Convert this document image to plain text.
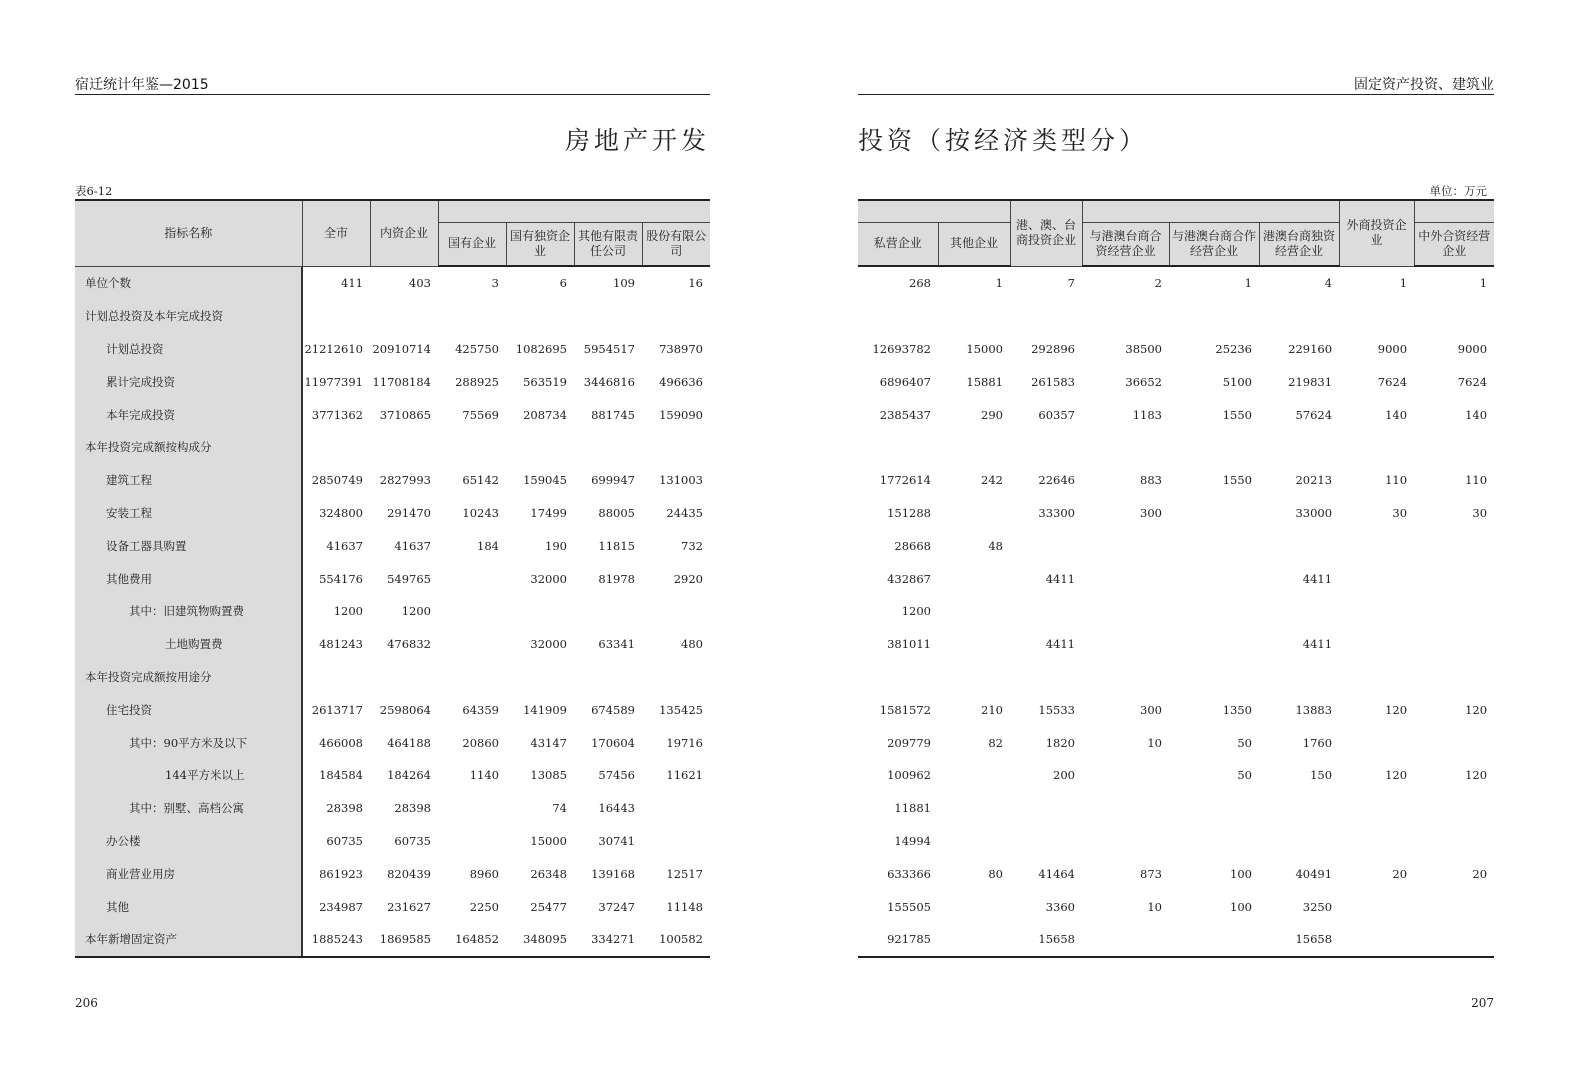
宿迁统计年鉴—2015
房地产开发
表6-12
指标名称	全市	内资企业				
			国有企业	国有独资企业	其他有限责任公司	股份有限公司
单位个数	411	403	3	6	109	16
计划总投资及本年完成投资						
计划总投资	21212610	20910714	425750	1082695	5954517	738970
累计完成投资	11977391	11708184	288925	563519	3446816	496636
本年完成投资	3771362	3710865	75569	208734	881745	159090
本年投资完成额按构成分						
建筑工程	2850749	2827993	65142	159045	699947	131003
安装工程	324800	291470	10243	17499	88005	24435
设备工器具购置	41637	41637	184	190	11815	732
其他费用	554176	549765		32000	81978	2920
其中：旧建筑物购置费	1200	1200				
土地购置费	481243	476832		32000	63341	480
本年投资完成额按用途分						
住宅投资	2613717	2598064	64359	141909	674589	135425
其中：90平方米及以下	466008	464188	20860	43147	170604	19716
144平方米以上	184584	184264	1140	13085	57456	11621
其中：别墅、高档公寓	28398	28398		74	16443	
办公楼	60735	60735		15000	30741	
商业营业用房	861923	820439	8960	26348	139168	12517
其他	234987	231627	2250	25477	37247	11148
本年新增固定资产	1885243	1869585	164852	348095	334271	100582
206
固定资产投资、建筑业
投资（按经济类型分）
单位：万元
		港、澳、台商投资企业				外商投资企业	
私营企业	其他企业		与港澳台商合资经营企业	与港澳台商合作经营企业	港澳台商独资经营企业		中外合资经营企业
268	1	7	2	1	4	1	1

12693782	15000	292896	38500	25236	229160	9000	9000
6896407	15881	261583	36652	5100	219831	7624	7624
2385437	290	60357	1183	1550	57624	140	140

1772614	242	22646	883	1550	20213	110	110
151288		33300	300		33000	30	30
28668	48						
432867		4411			4411		
1200							
381011		4411			4411		

1581572	210	15533	300	1350	13883	120	120
209779	82	1820	10	50	1760		
100962		200		50	150	120	120
11881							
14994							
633366	80	41464	873	100	40491	20	20
155505		3360	10	100	3250		
921785		15658			15658		
207
